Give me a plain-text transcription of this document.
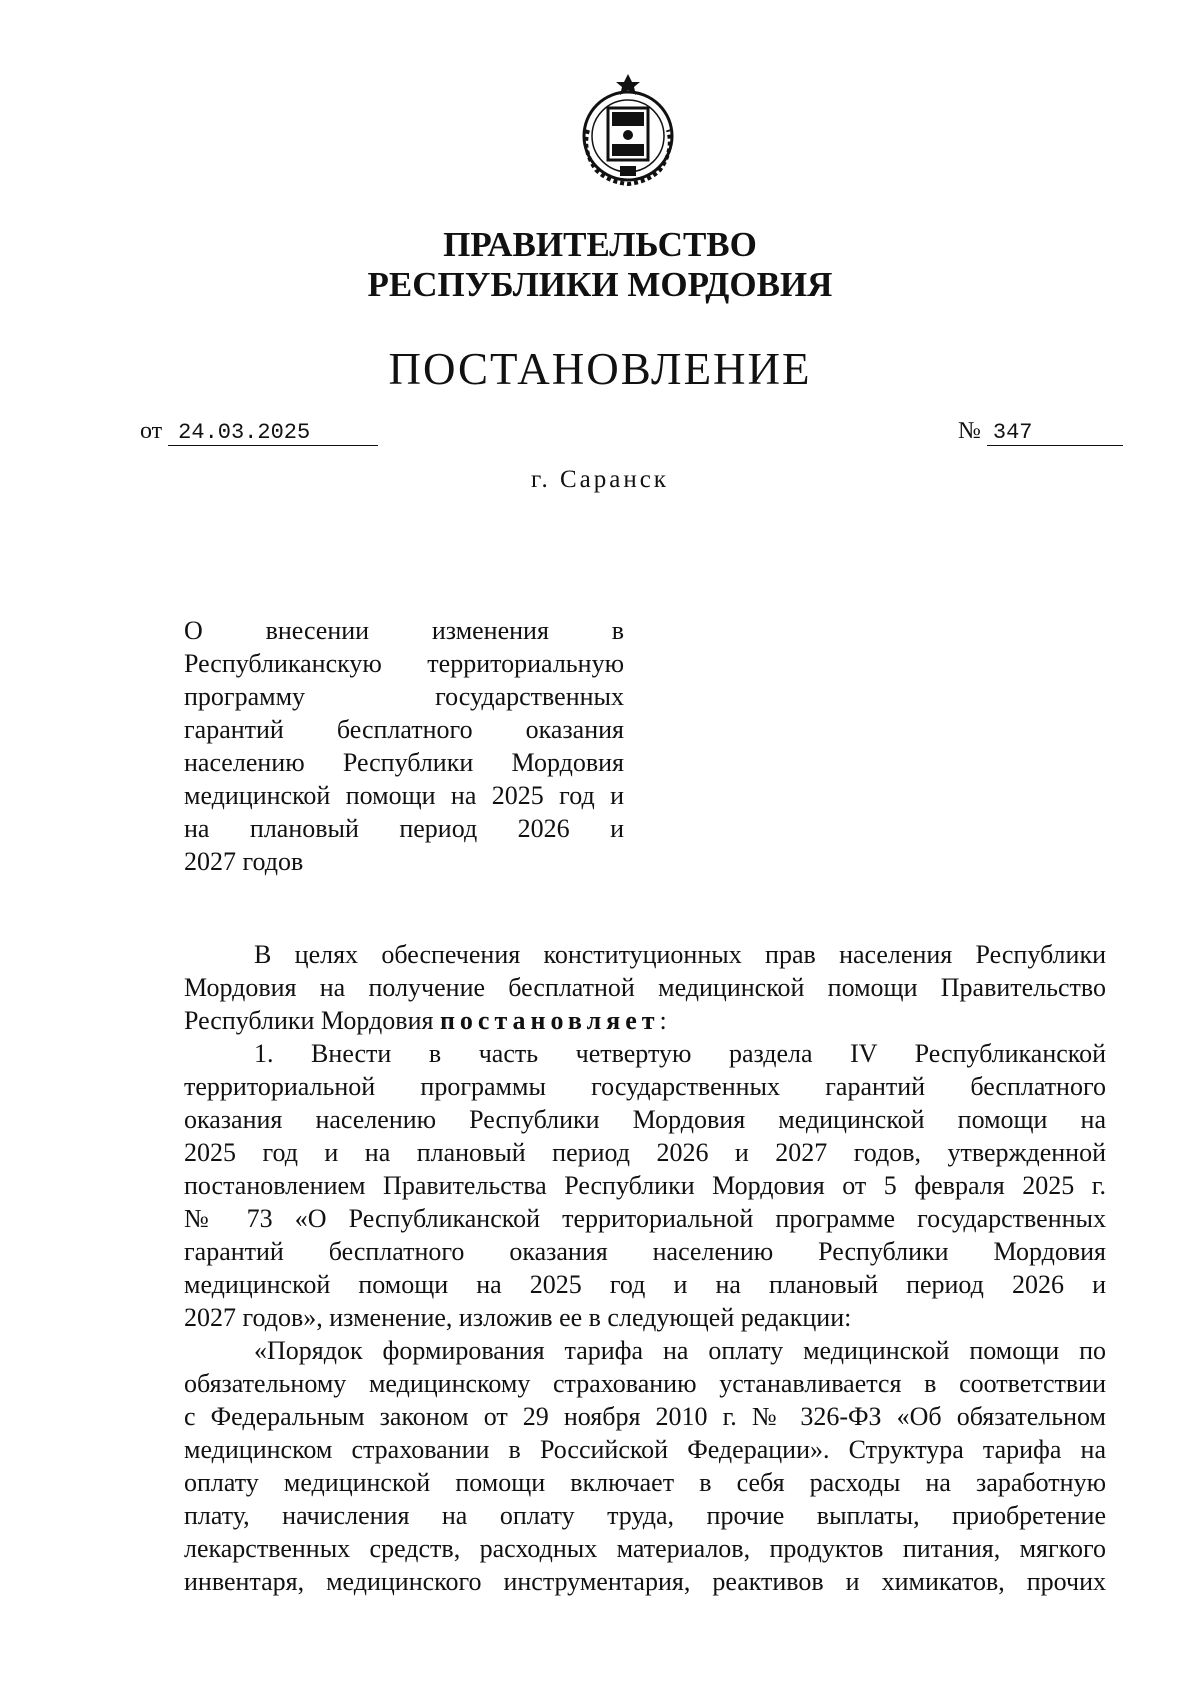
ПРАВИТЕЛЬСТВО
РЕСПУБЛИКИ МОРДОВИЯ
ПОСТАНОВЛЕНИЕ
от 24.03.2025	№ 347
г. Саранск
О внесении изменения в
Республиканскую территориальную
программу государственных
гарантий бесплатного оказания
населению Республики Мордовия
медицинской помощи на 2025 год и
на плановый период 2026 и
2027 годов
В целях обеспечения конституционных прав населения Республики
Мордовия на получение бесплатной медицинской помощи Правительство
Республики Мордовия постановляет:
1. Внести в часть четвертую раздела IV Республиканской
территориальной программы государственных гарантий бесплатного
оказания населению Республики Мордовия медицинской помощи на
2025 год и на плановый период 2026 и 2027 годов, утвержденной
постановлением Правительства Республики Мордовия от 5 февраля 2025 г.
№ 73 «О Республиканской территориальной программе государственных
гарантий бесплатного оказания населению Республики Мордовия
медицинской помощи на 2025 год и на плановый период 2026 и
2027 годов», изменение, изложив ее в следующей редакции:
«Порядок формирования тарифа на оплату медицинской помощи по
обязательному медицинскому страхованию устанавливается в соответствии
с Федеральным законом от 29 ноября 2010 г. № 326-ФЗ «Об обязательном
медицинском страховании в Российской Федерации». Структура тарифа на
оплату медицинской помощи включает в себя расходы на заработную
плату, начисления на оплату труда, прочие выплаты, приобретение
лекарственных средств, расходных материалов, продуктов питания, мягкого
инвентаря, медицинского инструментария, реактивов и химикатов, прочих
